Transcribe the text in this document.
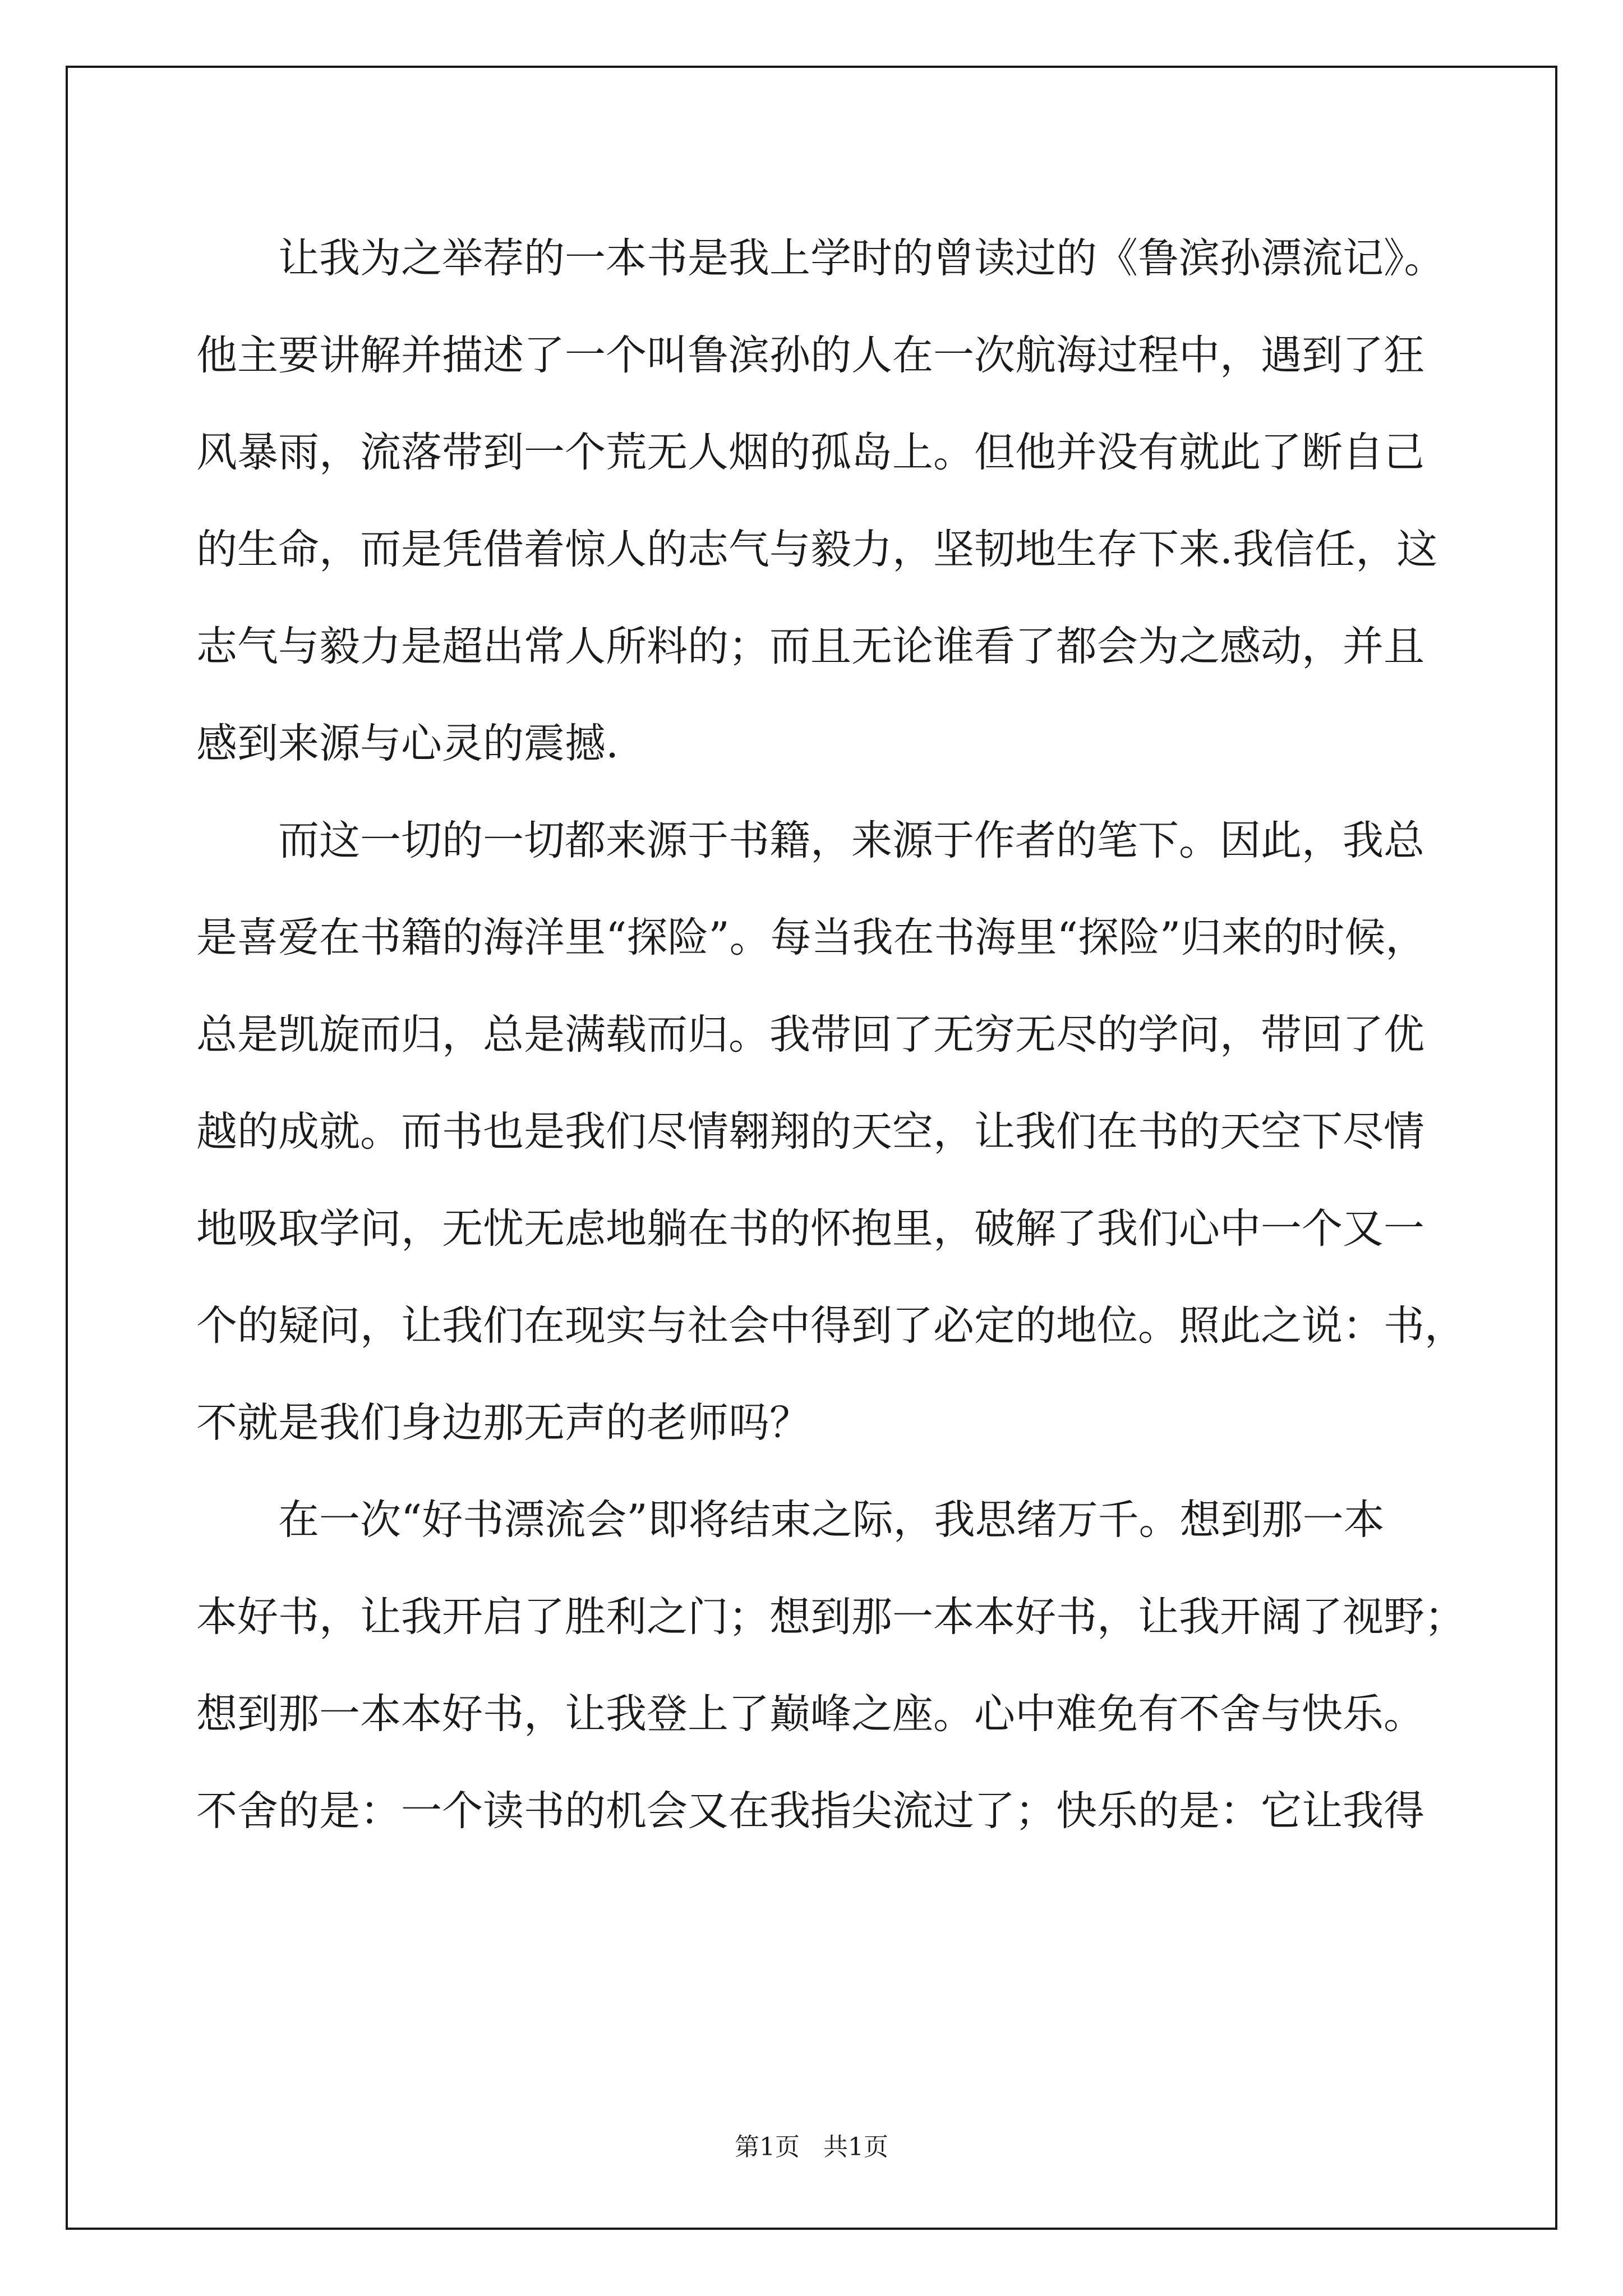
让我为之举荐的一本书是我上学时的曾读过的《鲁滨孙漂流记》。
他主要讲解并描述了一个叫鲁滨孙的人在一次航海过程中，遇到了狂
风暴雨，流落带到一个荒无人烟的孤岛上。但他并没有就此了断自己
的生命，而是凭借着惊人的志气与毅力，坚韧地生存下来.我信任，这
志气与毅力是超出常人所料的；而且无论谁看了都会为之感动，并且
感到来源与心灵的震撼.
而这一切的一切都来源于书籍，来源于作者的笔下。因此，我总
是喜爱在书籍的海洋里“探险”。每当我在书海里“探险”归来的时候，
总是凯旋而归，总是满载而归。我带回了无穷无尽的学问，带回了优
越的成就。而书也是我们尽情翱翔的天空，让我们在书的天空下尽情
地吸取学问，无忧无虑地躺在书的怀抱里，破解了我们心中一个又一
个的疑问，让我们在现实与社会中得到了必定的地位。照此之说：书，
不就是我们身边那无声的老师吗？
在一次“好书漂流会”即将结束之际，我思绪万千。想到那一本
本好书，让我开启了胜利之门；想到那一本本好书，让我开阔了视野；
想到那一本本好书，让我登上了巅峰之座。心中难免有不舍与快乐。
不舍的是：一个读书的机会又在我指尖流过了；快乐的是：它让我得
第1页   共1页
